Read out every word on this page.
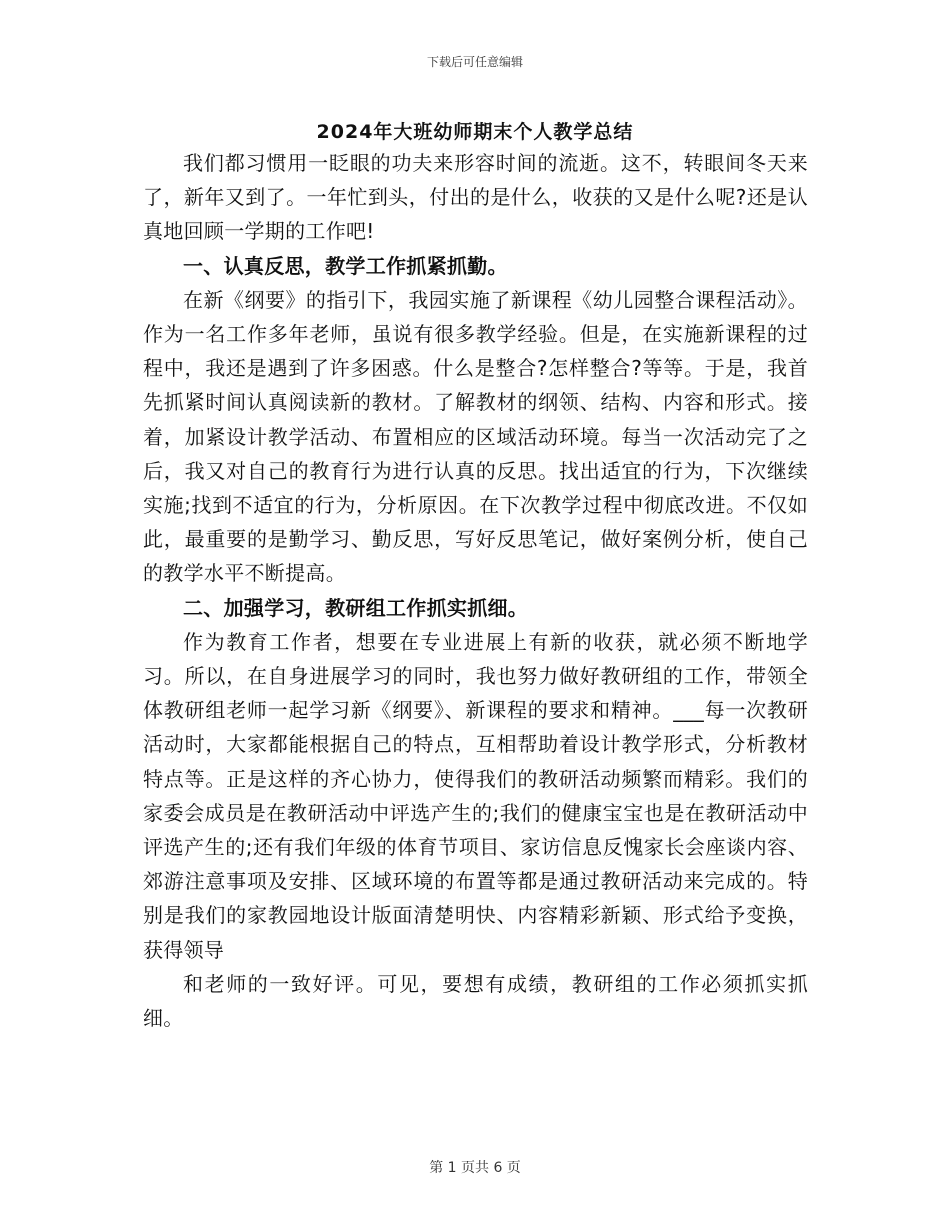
下载后可任意编辑
2024年大班幼师期末个人教学总结

我们都习惯用一眨眼的功夫来形容时间的流逝。这不，转眼间冬天来了，新年又到了。一年忙到头，付出的是什么，收获的又是什么呢?还是认真地回顾一学期的工作吧!

一、认真反思，教学工作抓紧抓勤。

在新《纲要》的指引下，我园实施了新课程《幼儿园整合课程活动》。作为一名工作多年老师，虽说有很多教学经验。但是，在实施新课程的过程中，我还是遇到了许多困惑。什么是整合?怎样整合?等等。于是，我首先抓紧时间认真阅读新的教材。了解教材的纲领、结构、内容和形式。接着，加紧设计教学活动、布置相应的区域活动环境。每当一次活动完了之后，我又对自己的教育行为进行认真的反思。找出适宜的行为，下次继续实施;找到不适宜的行为，分析原因。在下次教学过程中彻底改进。不仅如此，最重要的是勤学习、勤反思，写好反思笔记，做好案例分析，使自己的教学水平不断提高。

二、加强学习，教研组工作抓实抓细。

作为教育工作者，想要在专业进展上有新的收获，就必须不断地学习。所以，在自身进展学习的同时，我也努力做好教研组的工作，带领全体教研组老师一起学习新《纲要》、新课程的要求和精神。___每一次教研活动时，大家都能根据自己的特点，互相帮助着设计教学形式，分析教材特点等。正是这样的齐心协力，使得我们的教研活动频繁而精彩。我们的家委会成员是在教研活动中评选产生的;我们的健康宝宝也是在教研活动中评选产生的;还有我们年级的体育节项目、家访信息反愧家长会座谈内容、郊游注意事项及安排、区域环境的布置等都是通过教研活动来完成的。特别是我们的家教园地设计版面清楚明快、内容精彩新颖、形式给予变换，获得领导

和老师的一致好评。可见，要想有成绩，教研组的工作必须抓实抓细。

第 1 页共 6 页
